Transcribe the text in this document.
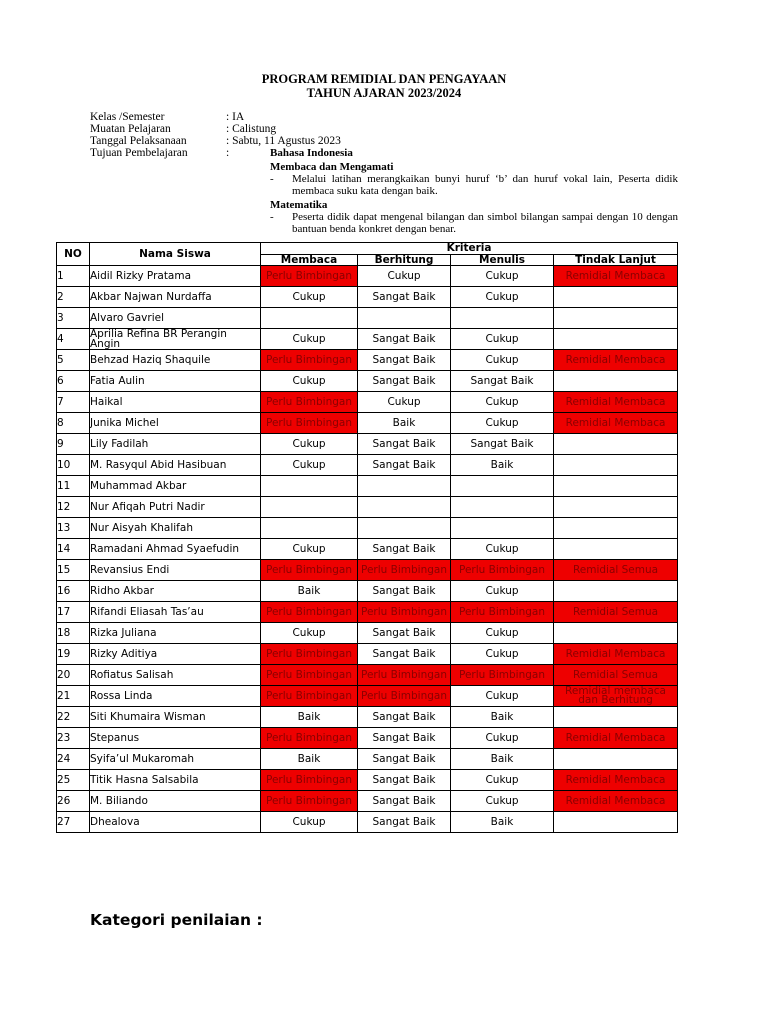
PROGRAM REMIDIAL DAN PENGAYAAN
TAHUN AJARAN 2023/2024
Kelas /Semester	: IA
Muatan Pelajaran	: Calistung
Tanggal Pelaksanaan	: Sabtu, 11 Agustus 2023
Tujuan Pembelajaran	:	Bahasa Indonesia
Membaca dan Mengamati
-	Melalui latihan merangkaikan bunyi huruf ‘b’ dan huruf vokal lain, Peserta didik membaca suku kata dengan baik.
Matematika
-	Peserta didik dapat mengenal bilangan dan simbol bilangan sampai dengan 10 dengan bantuan benda konkret dengan benar.
NO	Nama Siswa	Kriteria			
		Membaca	Berhitung	Menulis	Tindak Lanjut
1	Aidil Rizky Pratama	Perlu Bimbingan	Cukup	Cukup	Remidial Membaca
2	Akbar Najwan Nurdaffa	Cukup	Sangat Baik	Cukup	
3	Alvaro Gavriel				
4	Aprilia Refina BR Perangin Angin	Cukup	Sangat Baik	Cukup	
5	Behzad Haziq Shaquile	Perlu Bimbingan	Sangat Baik	Cukup	Remidial Membaca
6	Fatia Aulin	Cukup	Sangat Baik	Sangat Baik	
7	Haikal	Perlu Bimbingan	Cukup	Cukup	Remidial Membaca
8	Junika Michel	Perlu Bimbingan	Baik	Cukup	Remidial Membaca
9	Lily Fadilah	Cukup	Sangat Baik	Sangat Baik	
10	M. Rasyqul Abid Hasibuan	Cukup	Sangat Baik	Baik	
11	Muhammad Akbar				
12	Nur Afiqah Putri Nadir				
13	Nur Aisyah Khalifah				
14	Ramadani Ahmad Syaefudin	Cukup	Sangat Baik	Cukup	
15	Revansius Endi	Perlu Bimbingan	Perlu Bimbingan	Perlu Bimbingan	Remidial Semua
16	Ridho Akbar	Baik	Sangat Baik	Cukup	
17	Rifandi Eliasah Tas’au	Perlu Bimbingan	Perlu Bimbingan	Perlu Bimbingan	Remidial Semua
18	Rizka Juliana	Cukup	Sangat Baik	Cukup	
19	Rizky Aditiya	Perlu Bimbingan	Sangat Baik	Cukup	Remidial Membaca
20	Rofiatus Salisah	Perlu Bimbingan	Perlu Bimbingan	Perlu Bimbingan	Remidial Semua
21	Rossa Linda	Perlu Bimbingan	Perlu Bimbingan	Cukup	Remidial membaca dan Berhitung
22	Siti Khumaira Wisman	Baik	Sangat Baik	Baik	
23	Stepanus	Perlu Bimbingan	Sangat Baik	Cukup	Remidial Membaca
24	Syifa’ul Mukaromah	Baik	Sangat Baik	Baik	
25	Titik Hasna Salsabila	Perlu Bimbingan	Sangat Baik	Cukup	Remidial Membaca
26	M. Biliando	Perlu Bimbingan	Sangat Baik	Cukup	Remidial Membaca
27	Dhealova	Cukup	Sangat Baik	Baik	
Kategori penilaian :
